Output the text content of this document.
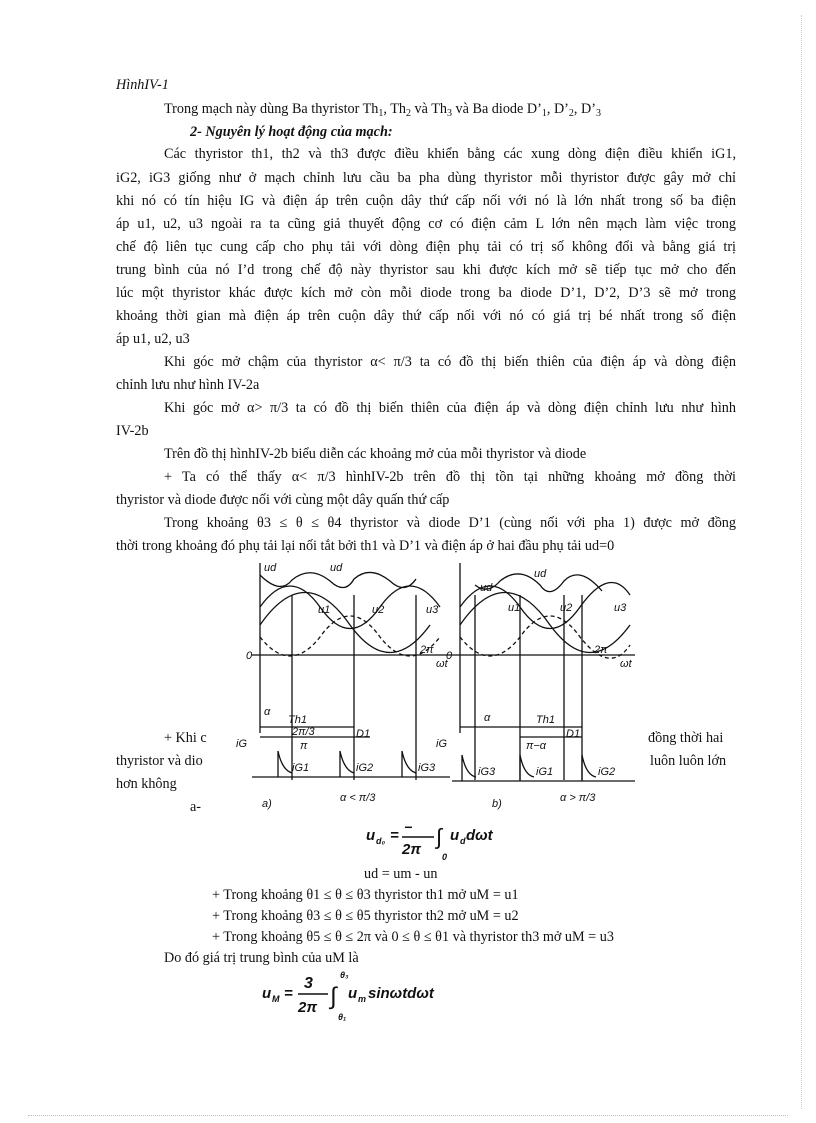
HìnhIV-1
Trong mạch này dùng Ba thyristor $Th_1$, $Th_2$ và $Th_3$ và Ba diode $D’_1$, $D’_2$, $D’_3$
2- Nguyên lý hoạt động của mạch:
Các thyristor th1, th2 và th3 được điều khiển bằng các xung dòng điện điều khiển iG1,
iG2, iG3 giống như ở mạch chỉnh lưu cầu ba pha dùng thyristor mỗi thyristor được gây mở chỉ
khi nó có tín hiệu IG và điện áp trên cuộn dây thứ cấp nối với nó là lớn nhất trong số ba điện
áp u1, u2, u3 ngoài ra ta cũng giả thuyết động cơ có điện cảm L lớn nên mạch làm việc trong
chế độ liên tục cung cấp cho phụ tải với dòng điện phụ tải có trị số không đổi và bằng giá trị
trung bình của nó I’d trong chế độ này thyristor sau khi được kích mở sẽ tiếp tục mở cho đến
lúc một thyristor khác được kích mở còn mỗi diode trong ba diode D’1, D’2, D’3 sẽ mở trong
khoảng thời gian mà điện áp trên cuộn dây thứ cấp nối với nó có giá trị bé nhất trong số điện
áp u1, u2, u3
Khi góc mở chậm của thyristor α< π/3 ta có đồ thị biến thiên của điện áp và dòng điện
chỉnh lưu như hình IV-2a
Khi góc mở α> π/3 ta có đồ thị biến thiên của điện áp và dòng điện chỉnh lưu như hình
IV-2b
Trên đồ thị hìnhIV-2b biểu diễn các khoảng mở của mỗi thyristor và diode
+ Ta có thể thấy α< π/3 hìnhIV-2b trên đồ thị tồn tại những khoảng mở đồng thời
thyristor và diode được nối với cùng một dây quấn thứ cấp
Trong khoảng θ3 ≤ θ ≤ θ4 thyristor và diode D’1 (cùng nối với pha 1) được mở đồng
thời trong khoảng đó phụ tải lại nối tắt bởi th1 và D’1 và điện áp ở hai đầu phụ tải ud=0
+ Khi c	đồng thời hai
thyristor và dio	luôn luôn lớn
hơn không
a-
ud	ud
u1	u2	u3
0	2π
ωt
α
Th1
2π/3
π
D1
iG
iG1	iG2	iG3
a)	α < π/3
ud
ud
u1	u2	u3
0	2π
ωt
α	Th1
π−α
D1
iG
iG3	iG1	iG2
b)	α > π/3
u d₀ = −
2π
∫
0
u d dωt
ud = um - un
+ Trong khoảng θ1 ≤ θ ≤ θ3 thyristor th1 mở uM = u1
+ Trong khoảng θ3 ≤ θ ≤ θ5 thyristor th2 mở uM = u2
+ Trong khoảng θ5 ≤ θ ≤ 2π và 0 ≤ θ ≤ θ1 và thyristor th3 mở uM = u3
Do đó giá trị trung bình của uM là
u M =
3
2π ∫
θ₃
θ₁
u m sinωtdωt
